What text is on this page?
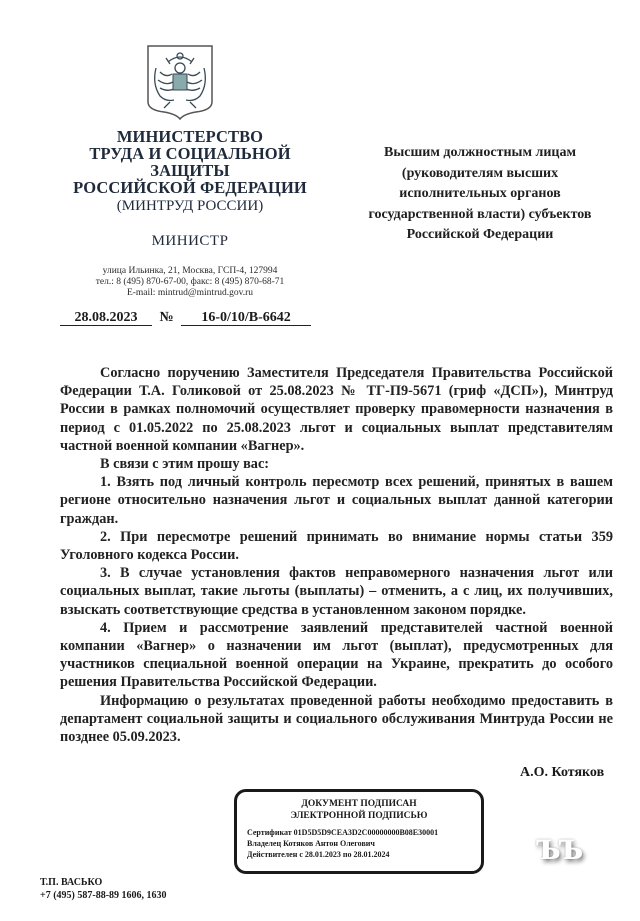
МИНИСТЕРСТВО
ТРУДА И СОЦИАЛЬНОЙ
ЗАЩИТЫ
РОССИЙСКОЙ ФЕДЕРАЦИИ
(МИНТРУД РОССИИ)
МИНИСТР
улица Ильинка, 21, Москва, ГСП-4, 127994
тел.: 8 (495) 870-67-00, факс: 8 (495) 870-68-71
E-mail: mintrud@mintrud.gov.ru
28.08.2023 № 16-0/10/В-6642
Высшим должностным лицам
(руководителям высших
исполнительных органов
государственной власти) субъектов
Российской Федерации

Согласно поручению Заместителя Председателя Правительства Российской Федерации Т.А. Голиковой от 25.08.2023 № ТГ-П9-5671 (гриф «ДСП»), Минтруд России в рамках полномочий осуществляет проверку правомерности назначения в период с 01.05.2022 по 25.08.2023 льгот и социальных выплат представителям частной военной компании «Вагнер».

В связи с этим прошу вас:

1. Взять под личный контроль пересмотр всех решений, принятых в вашем регионе относительно назначения льгот и социальных выплат данной категории граждан.

2. При пересмотре решений принимать во внимание нормы статьи 359 Уголовного кодекса России.

3. В случае установления фактов неправомерного назначения льгот или социальных выплат, такие льготы (выплаты) – отменить, а с лиц, их получивших, взыскать соответствующие средства в установленном законом порядке.

4. Прием и рассмотрение заявлений представителей частной военной компании «Вагнер» о назначении им льгот (выплат), предусмотренных для участников специальной военной операции на Украине, прекратить до особого решения Правительства Российской Федерации.

Информацию о результатах проведенной работы необходимо предоставить в департамент социальной защиты и социального обслуживания Минтруда России не позднее 05.09.2023.

А.О. Котяков
ДОКУМЕНТ ПОДПИСАН
ЭЛЕКТРОННОЙ ПОДПИСЬЮ
Сертификат 01D5D5D9CEA3D2C00000000B08E30001
Владелец Котяков Антон Олегович
Действителен с 28.01.2023 по 28.01.2024
Т.П. ВАСЬКО
+7 (495) 587-88-89 1606, 1630
ъъ
